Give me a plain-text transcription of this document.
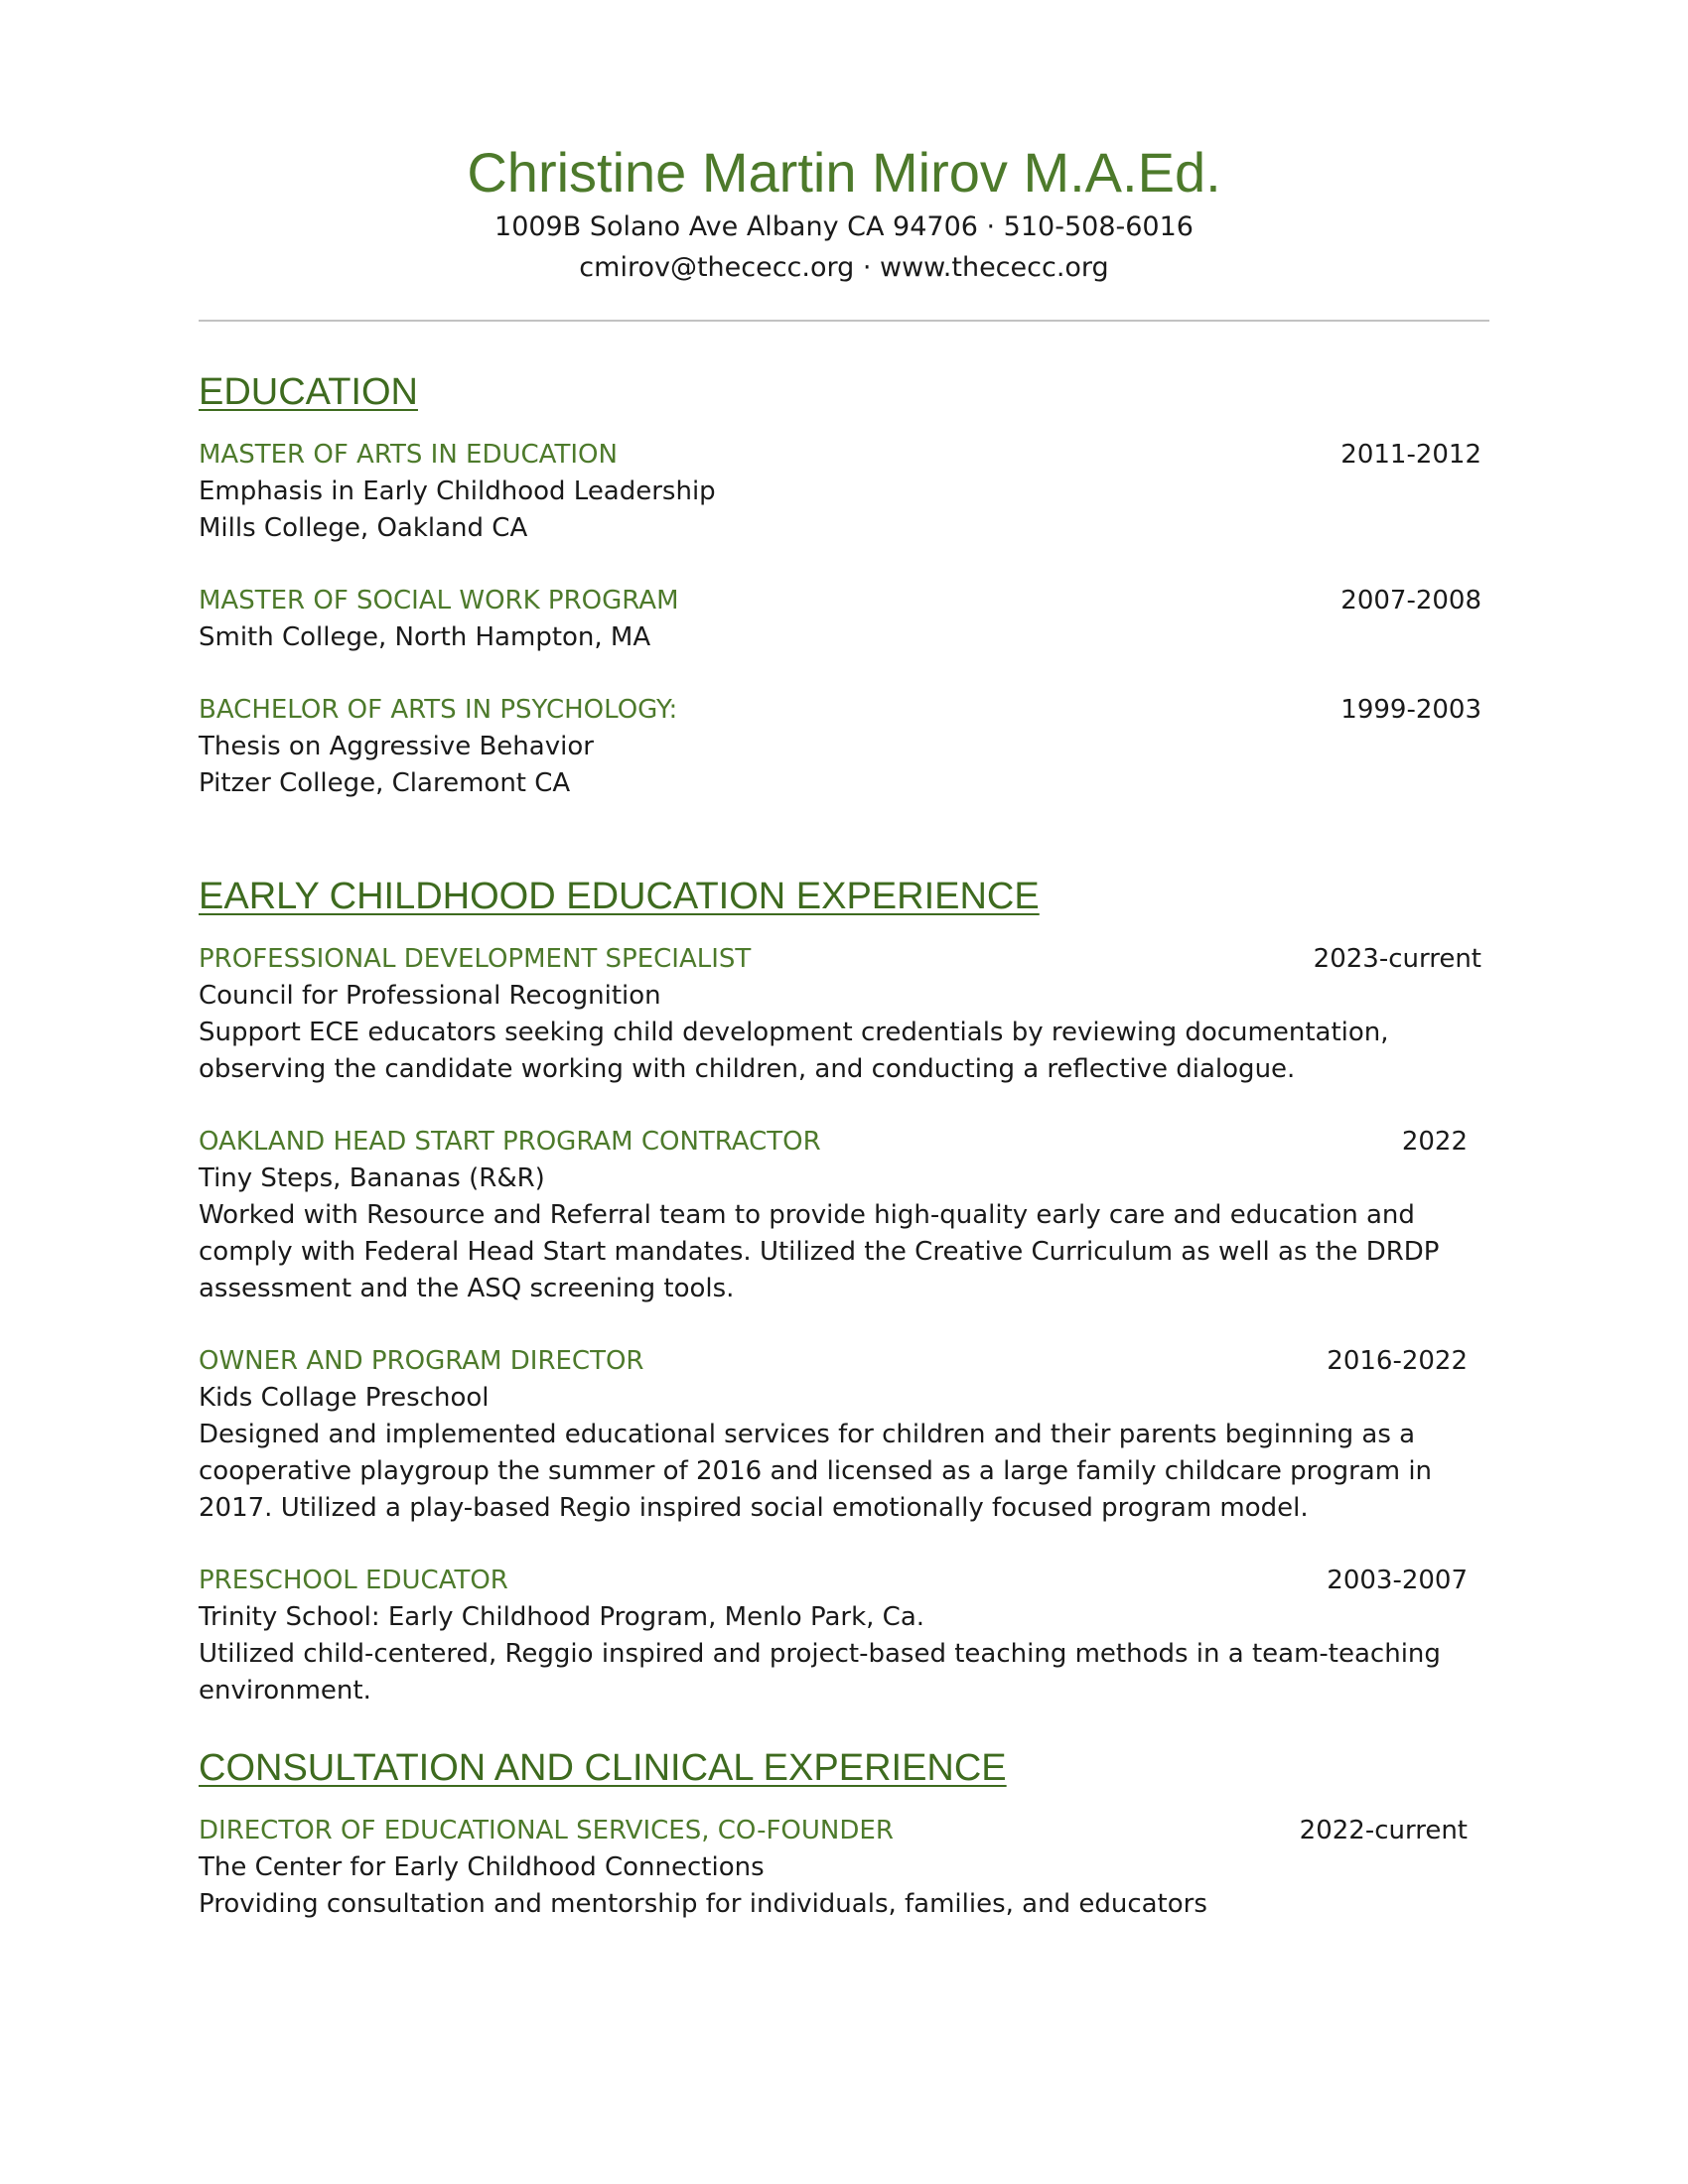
Christine Martin Mirov M.A.Ed.

1009B Solano Ave Albany CA 94706 · 510-508-6016

cmirov@thececc.org · www.thececc.org

EDUCATION
MASTER OF ARTS IN EDUCATION	2011-2012

Emphasis in Early Childhood Leadership

Mills College, Oakland CA

MASTER OF SOCIAL WORK PROGRAM	2007-2008

Smith College, North Hampton, MA

BACHELOR OF ARTS IN PSYCHOLOGY:	1999-2003

Thesis on Aggressive Behavior

Pitzer College, Claremont CA

EARLY CHILDHOOD EDUCATION EXPERIENCE
PROFESSIONAL DEVELOPMENT SPECIALIST	2023-current

Council for Professional Recognition

Support ECE educators seeking child development credentials by reviewing documentation, observing the candidate working with children, and conducting a reflective dialogue.

OAKLAND HEAD START PROGRAM CONTRACTOR	2022

Tiny Steps, Bananas (R&R)

Worked with Resource and Referral team to provide high-quality early care and education and comply with Federal Head Start mandates. Utilized the Creative Curriculum as well as the DRDP assessment and the ASQ screening tools.

OWNER AND PROGRAM DIRECTOR	2016-2022

Kids Collage Preschool

Designed and implemented educational services for children and their parents beginning as a cooperative playgroup the summer of 2016 and licensed as a large family childcare program in 2017. Utilized a play-based Regio inspired social emotionally focused program model.

PRESCHOOL EDUCATOR	2003-2007

Trinity School: Early Childhood Program, Menlo Park, Ca.

Utilized child-centered, Reggio inspired and project-based teaching methods in a team-teaching environment.

CONSULTATION AND CLINICAL EXPERIENCE
DIRECTOR OF EDUCATIONAL SERVICES, CO-FOUNDER	2022-current

The Center for Early Childhood Connections

Providing consultation and mentorship for individuals, families, and educators
